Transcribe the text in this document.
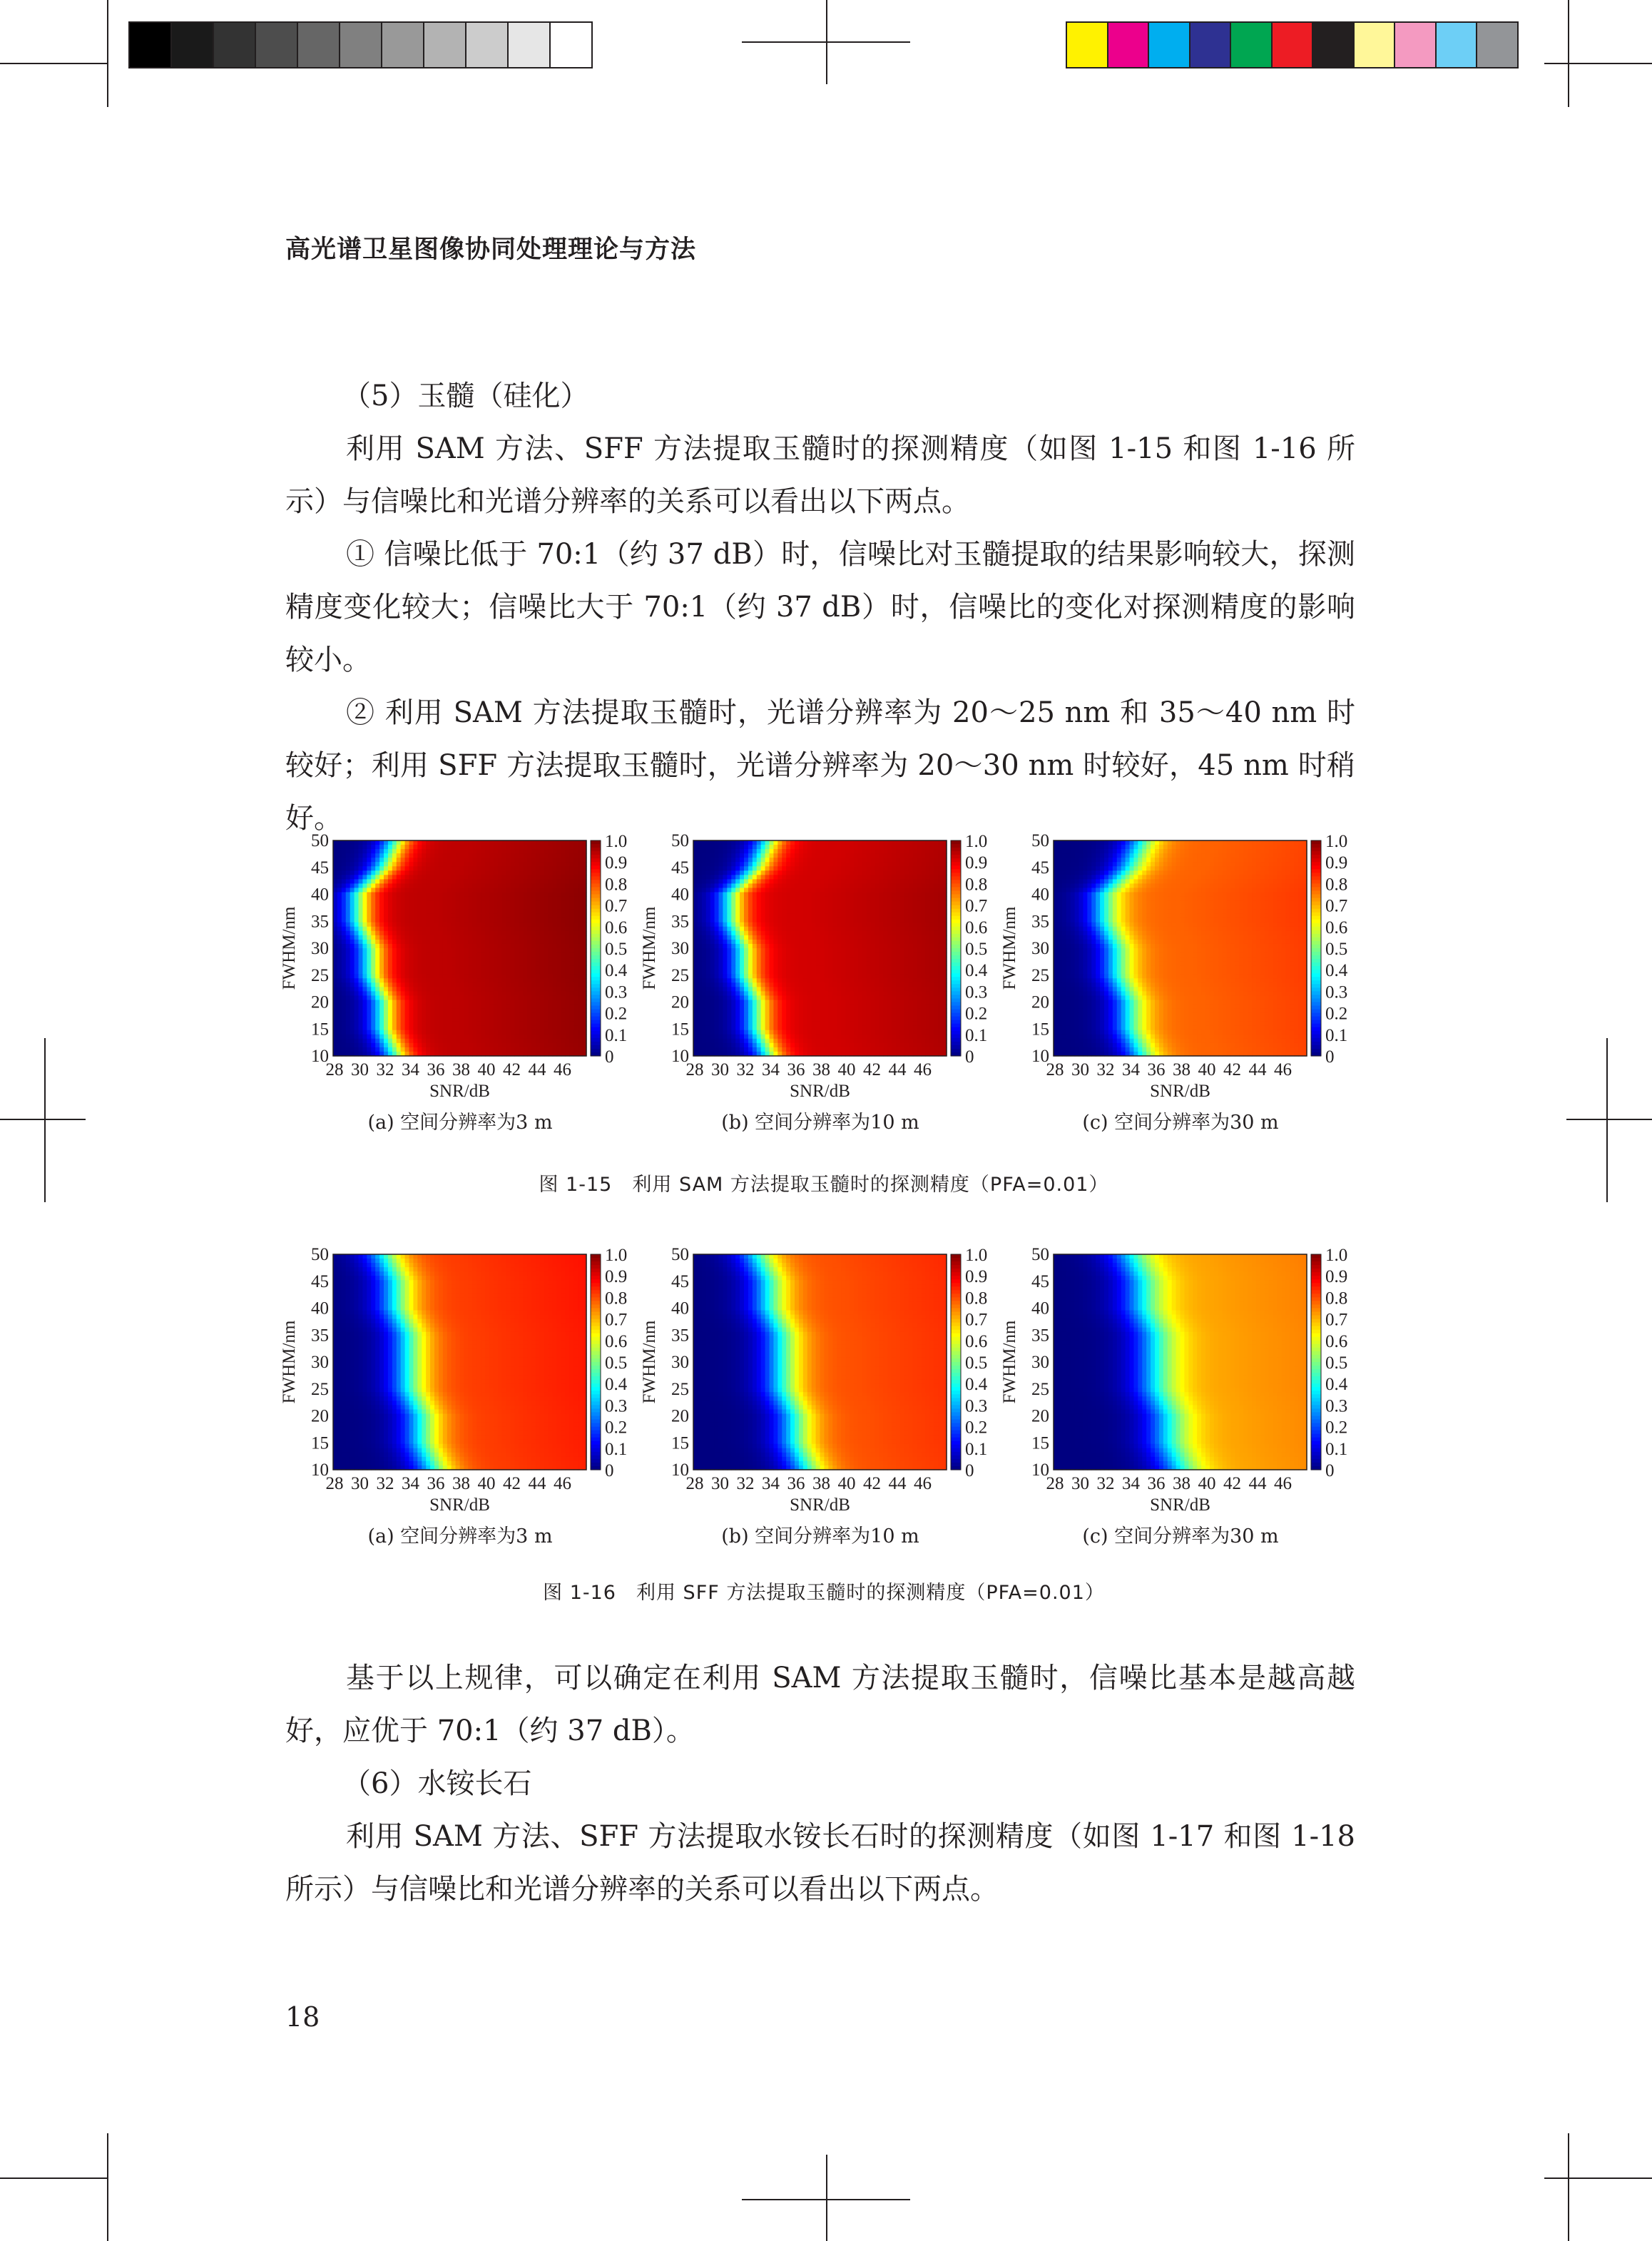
高光谱卫星图像协同处理理论与方法

（5）玉髓（硅化）

利用 SAM 方法、SFF 方法提取玉髓时的探测精度（如图 1-15 和图 1-16 所示）与信噪比和光谱分辨率的关系可以看出以下两点。

① 信噪比低于 70:1（约 37 dB）时，信噪比对玉髓提取的结果影响较大，探测精度变化较大；信噪比大于 70:1（约 37 dB）时，信噪比的变化对探测精度的影响较小。

② 利用 SAM 方法提取玉髓时，光谱分辨率为 20～25 nm 和 35～40 nm 时较好；利用 SFF 方法提取玉髓时，光谱分辨率为 20～30 nm 时较好，45 nm 时稍好。

10
15
20
25
30
35
40
45
50
28 30 32 34 36 38 40 42 44 46
SNR/dB
FWHM/nm
0
0.1
0.2
0.3
0.4
0.5
0.6
0.7
0.8
0.9
1.0
(a) 空间分辨率为3 m
10
15
20
25
30
35
40
45
50
28 30 32 34 36 38 40 42 44 46
SNR/dB
FWHM/nm
0
0.1
0.2
0.3
0.4
0.5
0.6
0.7
0.8
0.9
1.0
(b) 空间分辨率为10 m
10
15
20
25
30
35
40
45
50
28 30 32 34 36 38 40 42 44 46
SNR/dB
FWHM/nm
0
0.1
0.2
0.3
0.4
0.5
0.6
0.7
0.8
0.9
1.0
(c) 空间分辨率为30 m
图 1-15　利用 SAM 方法提取玉髓时的探测精度（PFA=0.01）
10
15
20
25
30
35
40
45
50
28 30 32 34 36 38 40 42 44 46
SNR/dB
FWHM/nm
0
0.1
0.2
0.3
0.4
0.5
0.6
0.7
0.8
0.9
1.0
(a) 空间分辨率为3 m
10
15
20
25
30
35
40
45
50
28 30 32 34 36 38 40 42 44 46
SNR/dB
FWHM/nm
0
0.1
0.2
0.3
0.4
0.5
0.6
0.7
0.8
0.9
1.0
(b) 空间分辨率为10 m
10
15
20
25
30
35
40
45
50
28 30 32 34 36 38 40 42 44 46
SNR/dB
FWHM/nm
0
0.1
0.2
0.3
0.4
0.5
0.6
0.7
0.8
0.9
1.0
(c) 空间分辨率为30 m
图 1-16　利用 SFF 方法提取玉髓时的探测精度（PFA=0.01）

基于以上规律，可以确定在利用 SAM 方法提取玉髓时，信噪比基本是越高越好，应优于 70:1（约 37 dB）。

（6）水铵长石

利用 SAM 方法、SFF 方法提取水铵长石时的探测精度（如图 1-17 和图 1-18 所示）与信噪比和光谱分辨率的关系可以看出以下两点。

18
